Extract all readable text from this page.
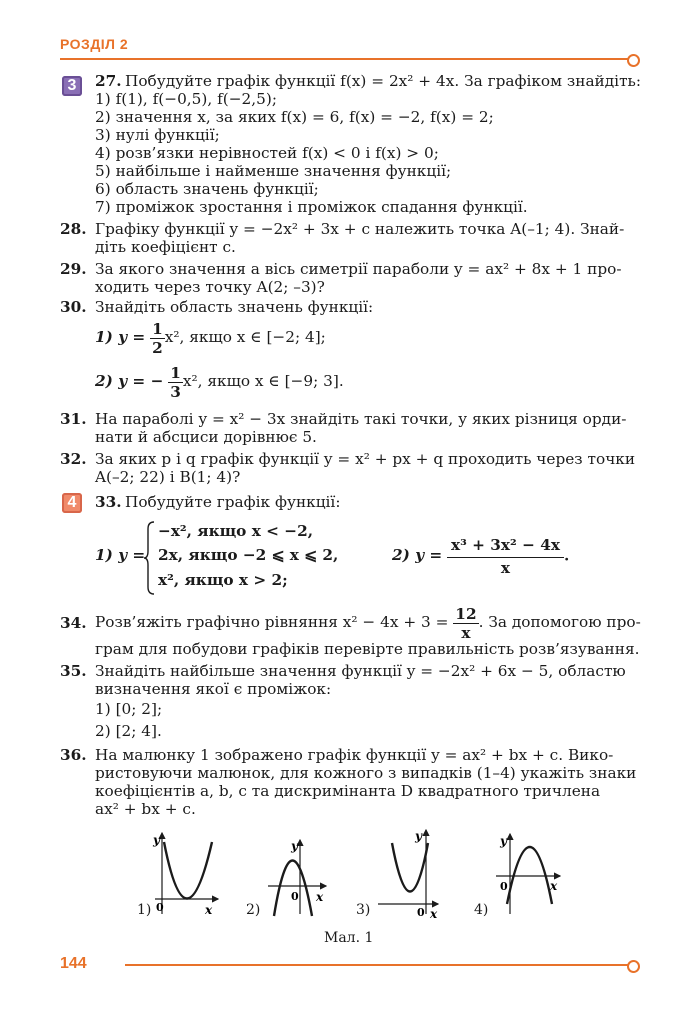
РОЗДІЛ 2
3	27. Побудуйте графік функції f(x) = 2x² + 4x. За графіком знайдіть:
1) f(1), f(−0,5), f(−2,5);
2) значення x, за яких f(x) = 6, f(x) = −2, f(x) = 2;
3) нулі функції;
4) розв’язки нерівностей f(x) < 0 і f(x) > 0;
5) найбільше і найменше значення функції;
6) область значень функції;
7) проміжок зростання і проміжок спадання функції.
28. Графіку функції y = −2x² + 3x + c належить точка A(–1; 4). Знай-
діть коефіцієнт c.
29. За якого значення a вісь симетрії параболи y = ax² + 8x + 1 про-
ходить через точку A(2; –3)?
30. Знайдіть область значень функції:
1) $y = \frac{1}{2} x^2$, якщо x ∈ [−2; 4];
2) y = − $\frac{1}{3} x^2$, якщо x ∈ [−9; 3].
31. На параболі y = x² − 3x знайдіть такі точки, у яких різниця орди-
нати й абсциси дорівнює 5.
32. За яких p і q графік функції y = x² + px + q проходить через точки
A(–2; 22) і B(1; 4)?
4	33. Побудуйте графік функції:
1) y =
−x², якщо x < −2,
2x, якщо −2 ⩽ x ⩽ 2,
x², якщо x > 2;
2) $y = \frac{\text{x³ + 3x² − 4x}}{x}$ .
34. Розв’яжіть графічно рівняння $x^2 - 4x + 3 = \frac{12}{x}$ . За допомогою про-
грам для побудови графіків перевірте правильність розв’язування.
35. Знайдіть найбільше значення функції y = −2x² + 6x − 5, областю
визначення якої є проміжок:
1) [0; 2];
2) [2; 4].
36. На малюнку 1 зображено графік функції y = ax² + bx + c. Вико-
ристовуючи малюнок, для кожного з випадків (1–4) укажіть знаки
коефіцієнтів a, b, c та дискримінанта D квадратного тричлена
ax² + bx + c.
y
x
0
y
x
0
y
x
0
y
x
0
1)	2)	3)	4)
Мал. 1
144
